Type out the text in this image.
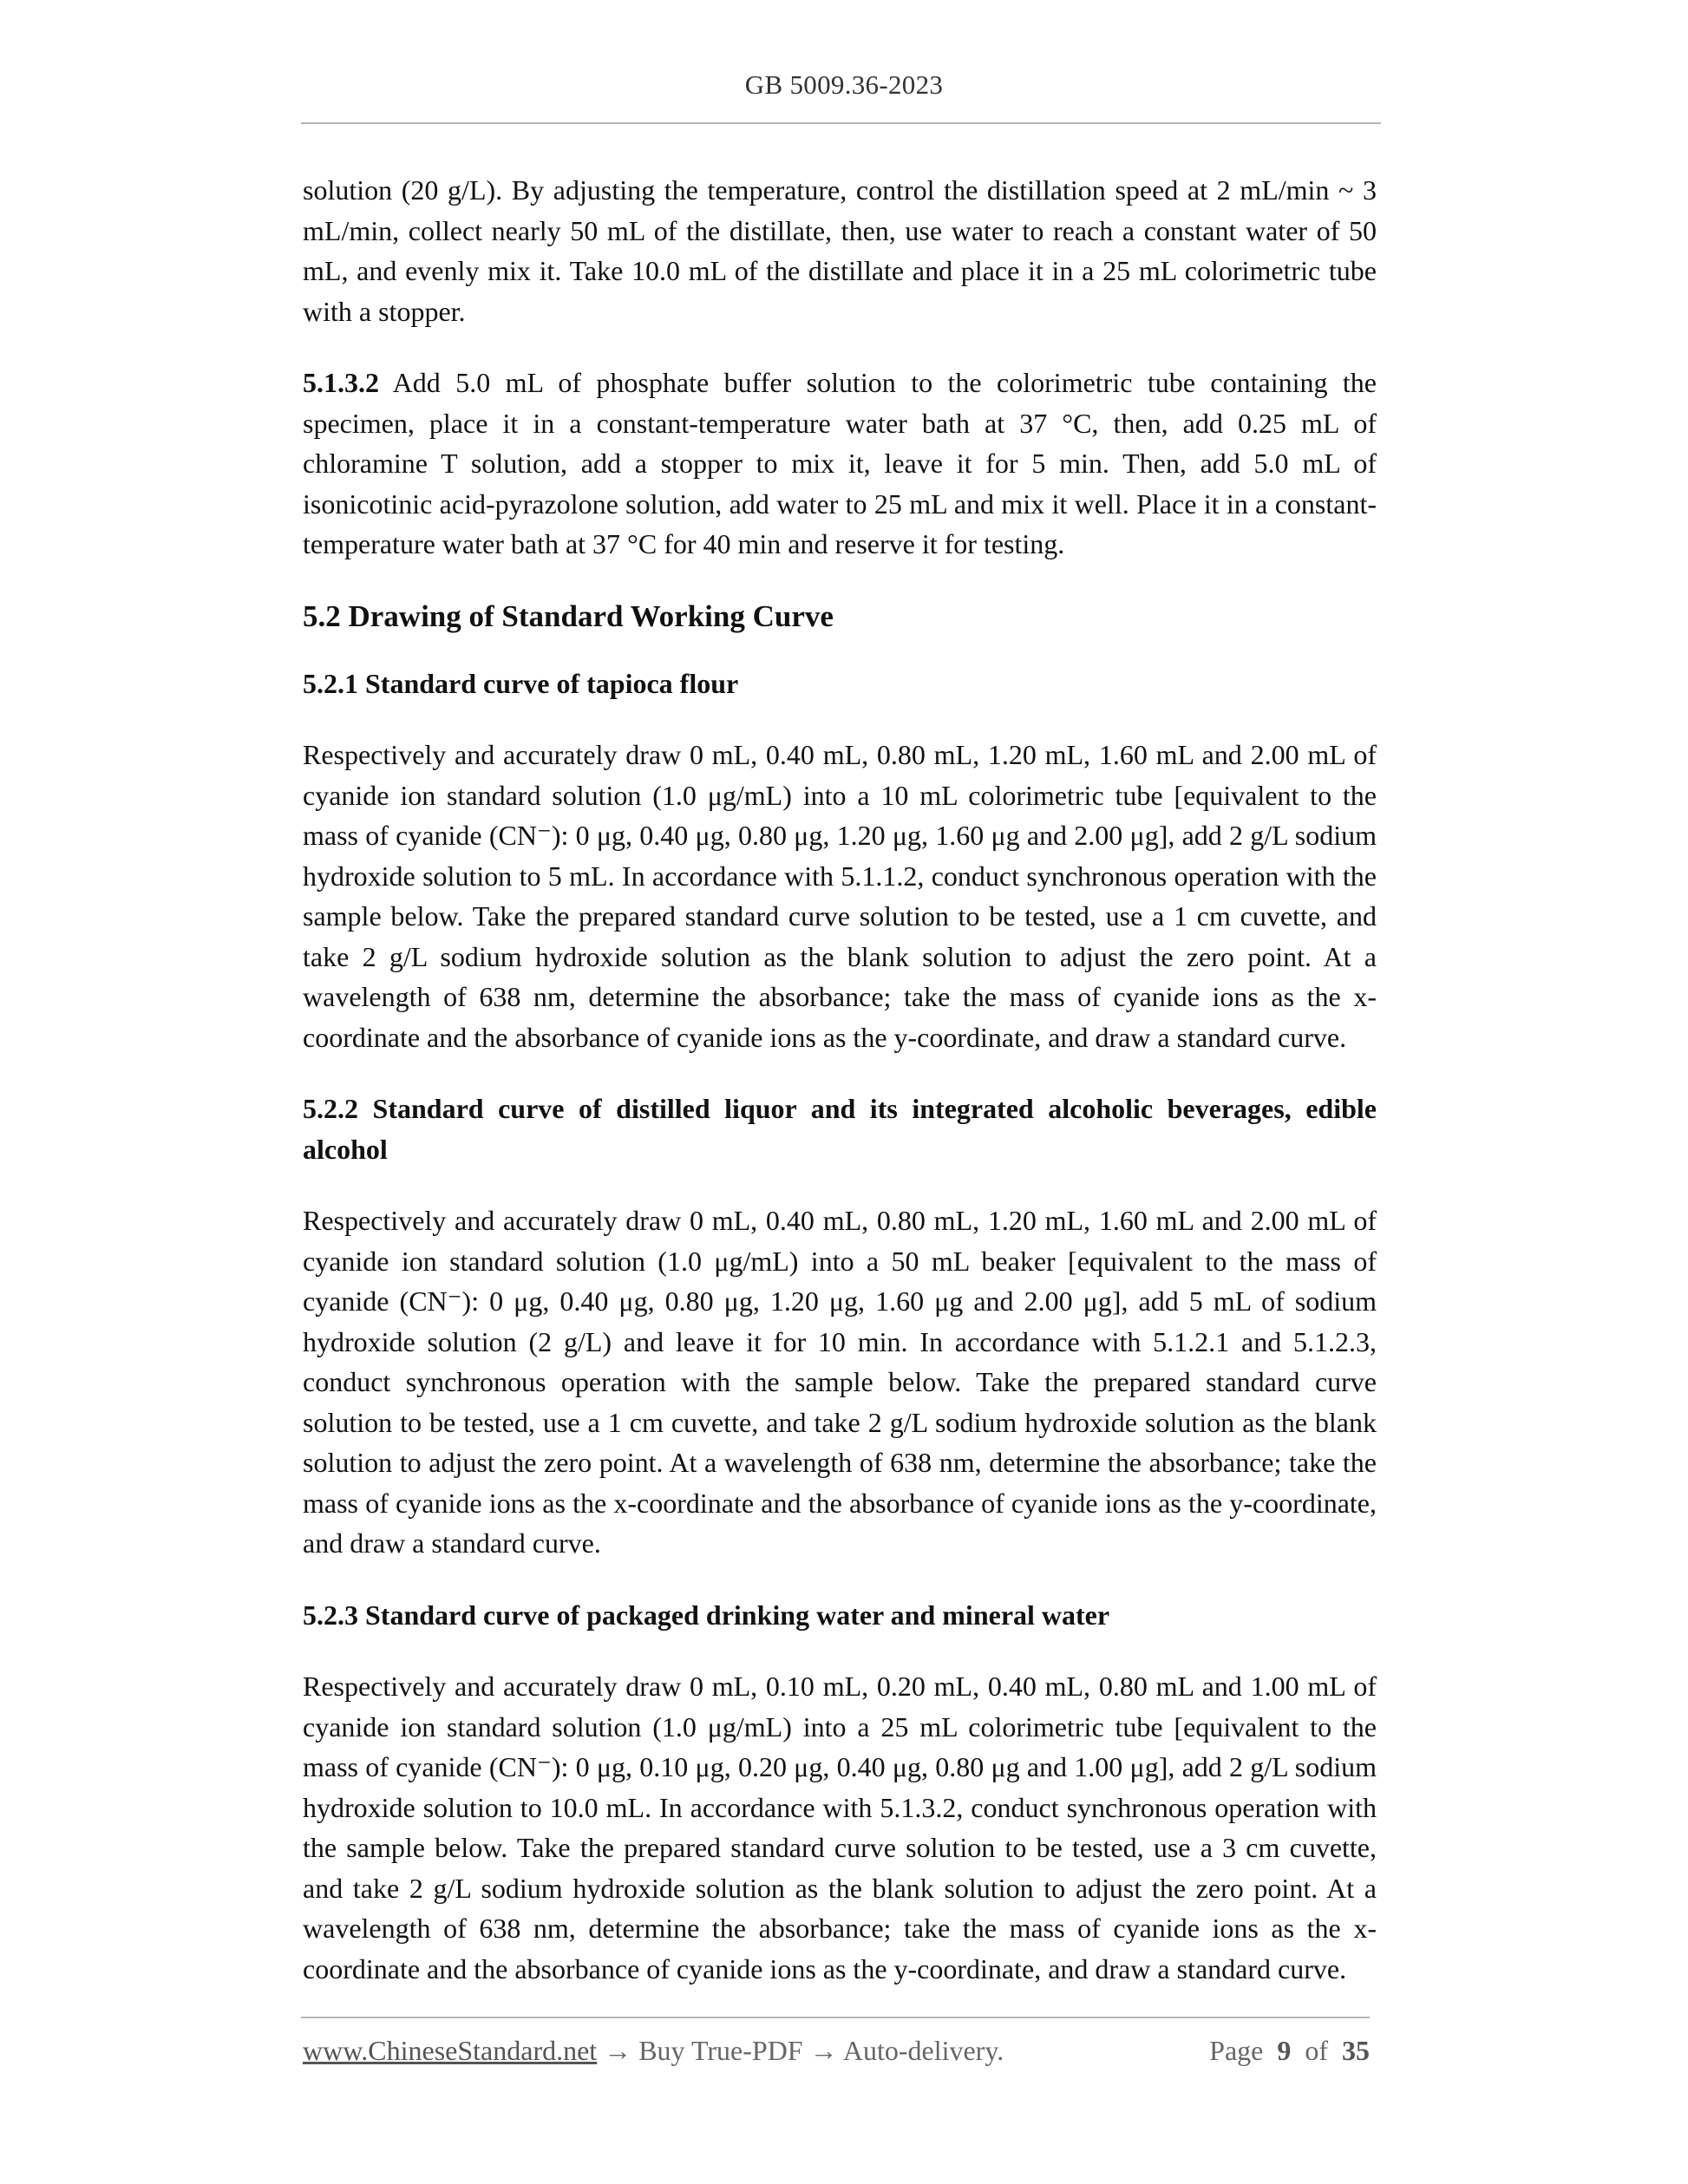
GB 5009.36-2023

solution (20 g/L). By adjusting the temperature, control the distillation speed at 2 mL/min ~ 3 mL/min, collect nearly 50 mL of the distillate, then, use water to reach a constant water of 50 mL, and evenly mix it. Take 10.0 mL of the distillate and place it in a 25 mL colorimetric tube with a stopper.

5.1.3.2 Add 5.0 mL of phosphate buffer solution to the colorimetric tube containing the specimen, place it in a constant-temperature water bath at 37 °C, then, add 0.25 mL of chloramine T solution, add a stopper to mix it, leave it for 5 min. Then, add 5.0 mL of isonicotinic acid-pyrazolone solution, add water to 25 mL and mix it well. Place it in a constant-temperature water bath at 37 °C for 40 min and reserve it for testing.

5.2 Drawing of Standard Working Curve
5.2.1 Standard curve of tapioca flour

Respectively and accurately draw 0 mL, 0.40 mL, 0.80 mL, 1.20 mL, 1.60 mL and 2.00 mL of cyanide ion standard solution (1.0 μg/mL) into a 10 mL colorimetric tube [equivalent to the mass of cyanide (CN⁻): 0 μg, 0.40 μg, 0.80 μg, 1.20 μg, 1.60 μg and 2.00 μg], add 2 g/L sodium hydroxide solution to 5 mL. In accordance with 5.1.1.2, conduct synchronous operation with the sample below. Take the prepared standard curve solution to be tested, use a 1 cm cuvette, and take 2 g/L sodium hydroxide solution as the blank solution to adjust the zero point. At a wavelength of 638 nm, determine the absorbance; take the mass of cyanide ions as the x-coordinate and the absorbance of cyanide ions as the y-coordinate, and draw a standard curve.

5.2.2 Standard curve of distilled liquor and its integrated alcoholic beverages, edible alcohol

Respectively and accurately draw 0 mL, 0.40 mL, 0.80 mL, 1.20 mL, 1.60 mL and 2.00 mL of cyanide ion standard solution (1.0 μg/mL) into a 50 mL beaker [equivalent to the mass of cyanide (CN⁻): 0 μg, 0.40 μg, 0.80 μg, 1.20 μg, 1.60 μg and 2.00 μg], add 5 mL of sodium hydroxide solution (2 g/L) and leave it for 10 min. In accordance with 5.1.2.1 and 5.1.2.3, conduct synchronous operation with the sample below. Take the prepared standard curve solution to be tested, use a 1 cm cuvette, and take 2 g/L sodium hydroxide solution as the blank solution to adjust the zero point. At a wavelength of 638 nm, determine the absorbance; take the mass of cyanide ions as the x-coordinate and the absorbance of cyanide ions as the y-coordinate, and draw a standard curve.

5.2.3 Standard curve of packaged drinking water and mineral water

Respectively and accurately draw 0 mL, 0.10 mL, 0.20 mL, 0.40 mL, 0.80 mL and 1.00 mL of cyanide ion standard solution (1.0 μg/mL) into a 25 mL colorimetric tube [equivalent to the mass of cyanide (CN⁻): 0 μg, 0.10 μg, 0.20 μg, 0.40 μg, 0.80 μg and 1.00 μg], add 2 g/L sodium hydroxide solution to 10.0 mL. In accordance with 5.1.3.2, conduct synchronous operation with the sample below. Take the prepared standard curve solution to be tested, use a 3 cm cuvette, and take 2 g/L sodium hydroxide solution as the blank solution to adjust the zero point. At a wavelength of 638 nm, determine the absorbance; take the mass of cyanide ions as the x-coordinate and the absorbance of cyanide ions as the y-coordinate, and draw a standard curve.

www.ChineseStandard.net → Buy True-PDF → Auto-delivery.	Page 9 of 35
